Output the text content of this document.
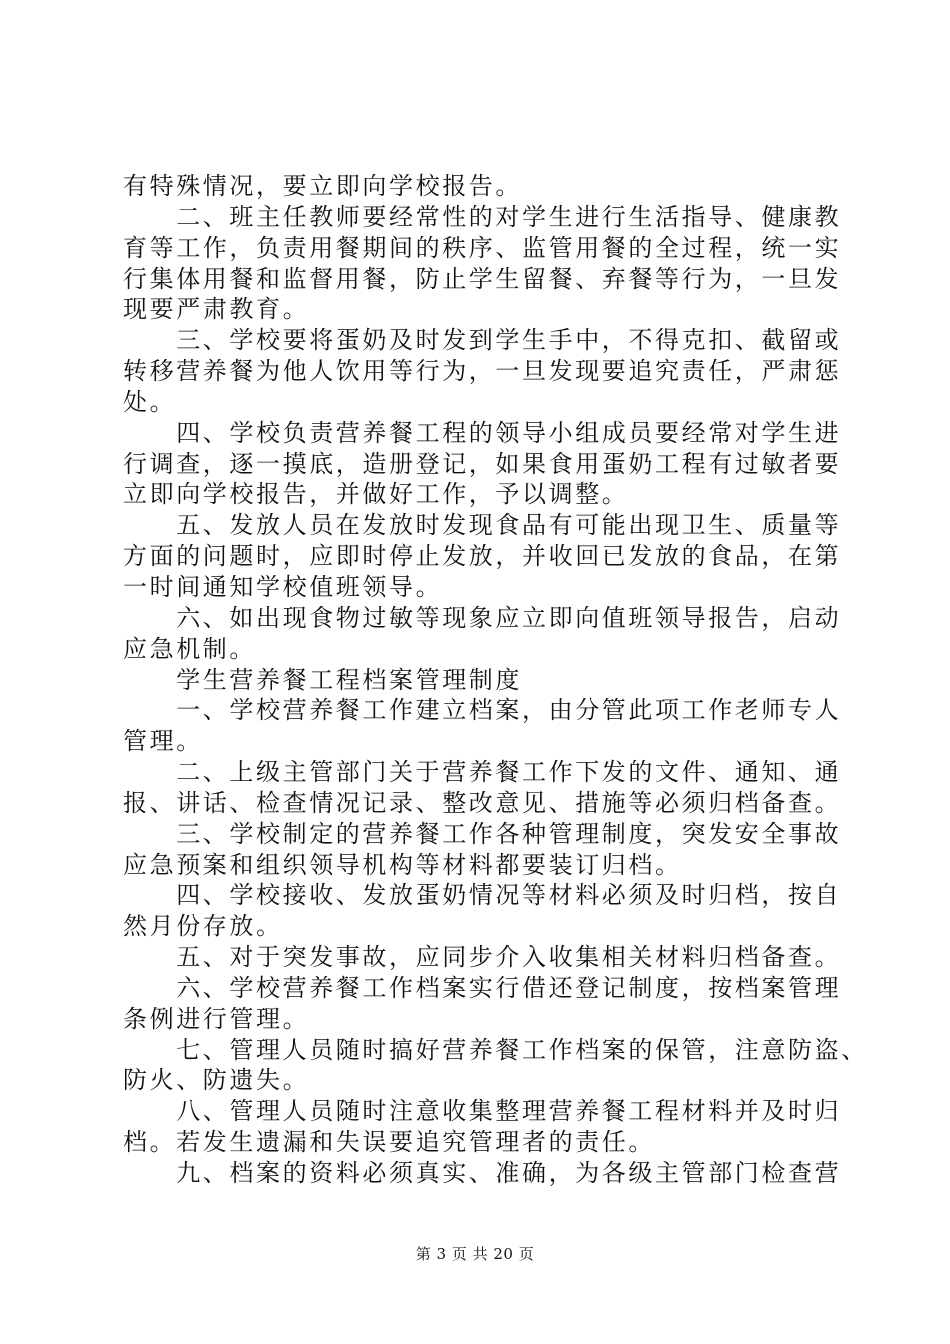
有特殊情况，要立即向学校报告。
　　二、班主任教师要经常性的对学生进行生活指导、健康教
育等工作，负责用餐期间的秩序、监管用餐的全过程，统一实
行集体用餐和监督用餐，防止学生留餐、弃餐等行为，一旦发
现要严肃教育。
　　三、学校要将蛋奶及时发到学生手中，不得克扣、截留或
转移营养餐为他人饮用等行为，一旦发现要追究责任，严肃惩
处。
　　四、学校负责营养餐工程的领导小组成员要经常对学生进
行调查，逐一摸底，造册登记，如果食用蛋奶工程有过敏者要
立即向学校报告，并做好工作，予以调整。
　　五、发放人员在发放时发现食品有可能出现卫生、质量等
方面的问题时，应即时停止发放，并收回已发放的食品，在第
一时间通知学校值班领导。
　　六、如出现食物过敏等现象应立即向值班领导报告，启动
应急机制。
　　学生营养餐工程档案管理制度
　　一、学校营养餐工作建立档案，由分管此项工作老师专人
管理。
　　二、上级主管部门关于营养餐工作下发的文件、通知、通
报、讲话、检查情况记录、整改意见、措施等必须归档备查。
　　三、学校制定的营养餐工作各种管理制度，突发安全事故
应急预案和组织领导机构等材料都要装订归档。
　　四、学校接收、发放蛋奶情况等材料必须及时归档，按自
然月份存放。
　　五、对于突发事故，应同步介入收集相关材料归档备查。
　　六、学校营养餐工作档案实行借还登记制度，按档案管理
条例进行管理。
　　七、管理人员随时搞好营养餐工作档案的保管，注意防盗、
防火、防遗失。
　　八、管理人员随时注意收集整理营养餐工程材料并及时归
档。若发生遗漏和失误要追究管理者的责任。
　　九、档案的资料必须真实、准确，为各级主管部门检查营
第 3 页 共 20 页
